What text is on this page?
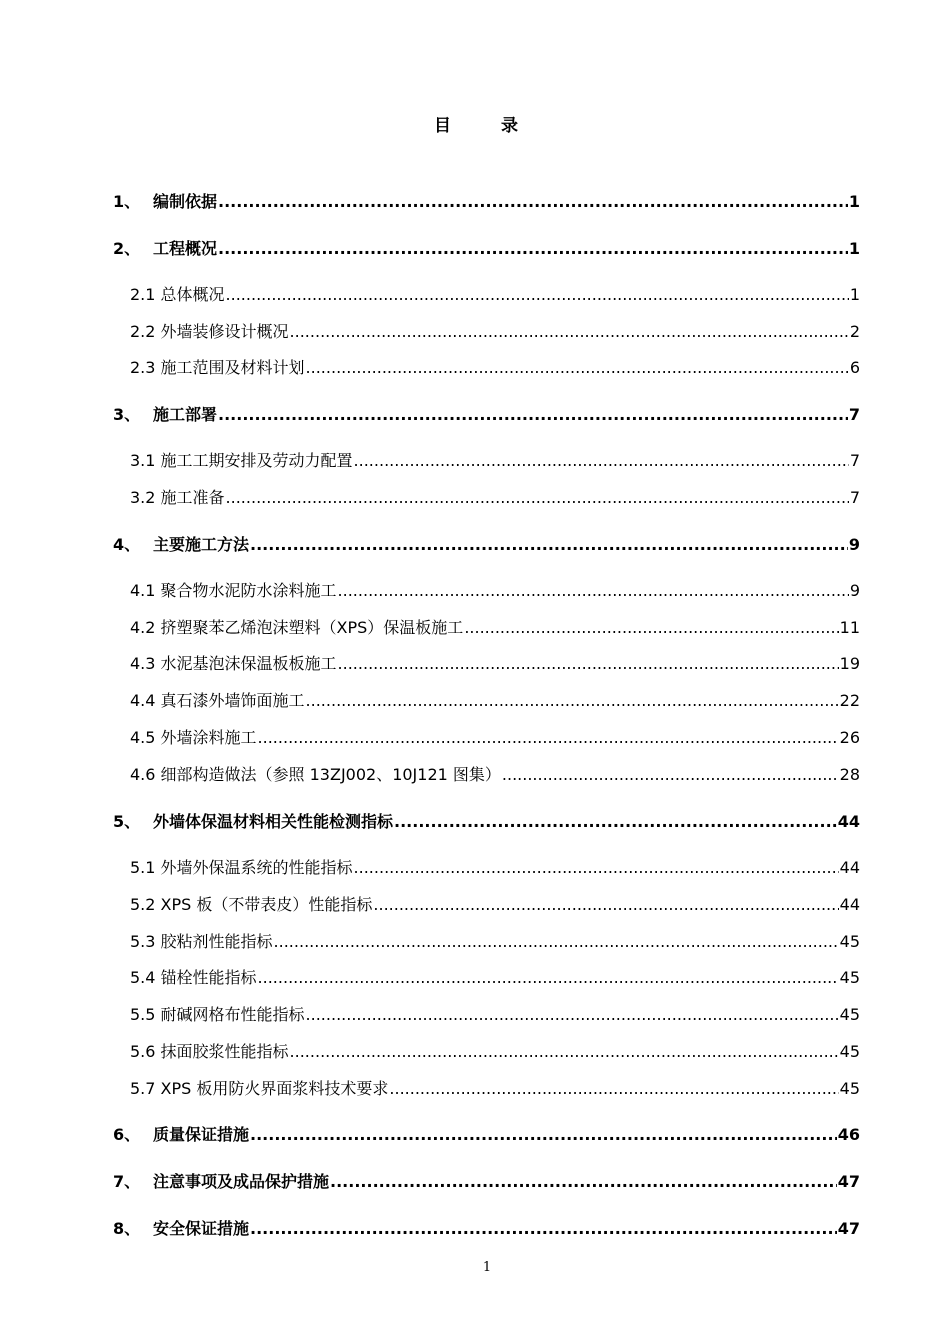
目 录
1、 编制依据 .....	1
2、 工程概况 .....	1
2.1 总体概况 .....	1
2.2 外墙装修设计概况 .....	2
2.3 施工范围及材料计划 .....	6
3、 施工部署 .....	7
3.1 施工工期安排及劳动力配置 .....	7
3.2 施工准备 .....	7
4、 主要施工方法 .....	9
4.1 聚合物水泥防水涂料施工 .....	9
4.2 挤塑聚苯乙烯泡沫塑料（XPS）保温板施工 .....	11
4.3 水泥基泡沫保温板板施工 .....	19
4.4 真石漆外墙饰面施工 .....	22
4.5 外墙涂料施工 .....	26
4.6 细部构造做法（参照 13ZJ002、10J121 图集） .....	28
5、 外墙体保温材料相关性能检测指标 .....	44
5.1 外墙外保温系统的性能指标 .....	44
5.2 XPS 板（不带表皮）性能指标 .....	44
5.3 胶粘剂性能指标 .....	45
5.4 锚栓性能指标 .....	45
5.5 耐碱网格布性能指标 .....	45
5.6 抹面胶浆性能指标 .....	45
5.7 XPS 板用防火界面浆料技术要求 .....	45
6、 质量保证措施 .....	46
7、 注意事项及成品保护措施 .....	47
8、 安全保证措施 .....	47
1
